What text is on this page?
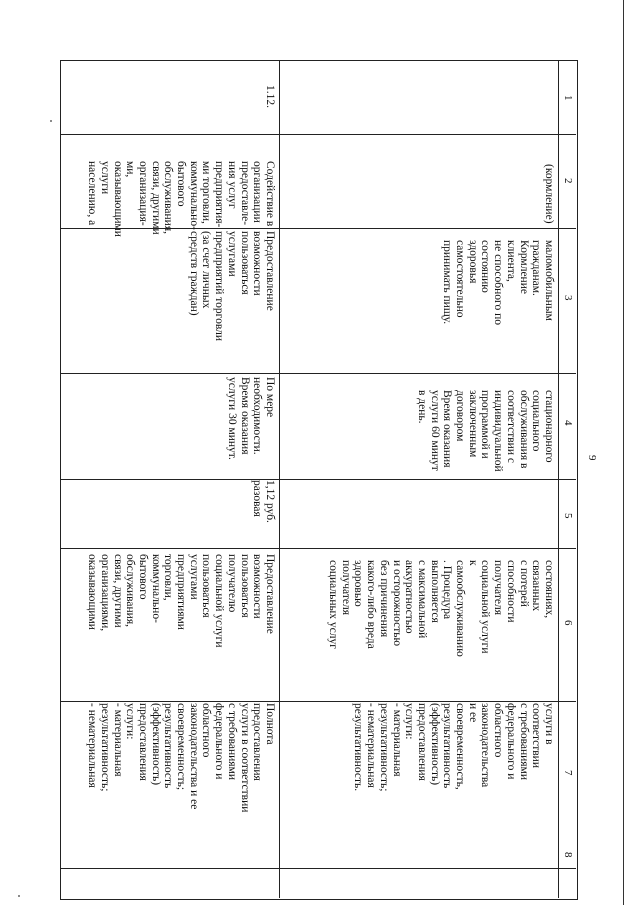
9
1
2
3
4
5
6
7
8
(кормление)
маломобильным
гражданам.
Кормление клиента,
не способного по
состоянию здоровья
самостоятельно
принимать пищу.
стационарного
социального
обслуживания в
соответствии с
индивидуальной
программой и
заключенным
договором
Время оказания
услуги 60 минут
в день.
состояниях,
связанных
с потерей
способности
получателя
социальной услуги
к
самообслуживанию
. Процедура
выполняется
с максимальной
аккуратностью
и осторожностью
без причинения
какого-либо вреда
здоровью
получателя
социальных услуг
услуги в соответствии
с требованиями
федерального и
областного
законодательства и ее
своевременность,
результативность
(эффективность)
предоставления
услуги:
- материальная
результативность;
- нематериальная
результативность.
1.12.
Содействие в
организации
предоставле-
ния услуг
предприятия-
ми торговли,
коммунально-
бытового
обслуживания,
связи, другими
организация-
ми,
оказывающими
услуги
населению, а
Предоставление
возможности
пользоваться
услугами
предприятий торговли
(за счет личных
средств граждан)
По мере
необходимости.
Время оказания
услуги 30 минут.
1,12 руб.
разовая
Предоставление
возможности
пользоваться
получателю
социальной услуги
пользоваться
услугами
предприятиями
торговли,
коммунально-
бытового
обслуживания,
связи, другими
организациями,
оказывающими
Полнота
предоставления
услуги в соответствии
с требованиями
федерального и
областного
законодательства и ее
своевременность;
результативность
(эффективность)
предоставления
услуги:
- материальная
результативность;
- нематериальная
